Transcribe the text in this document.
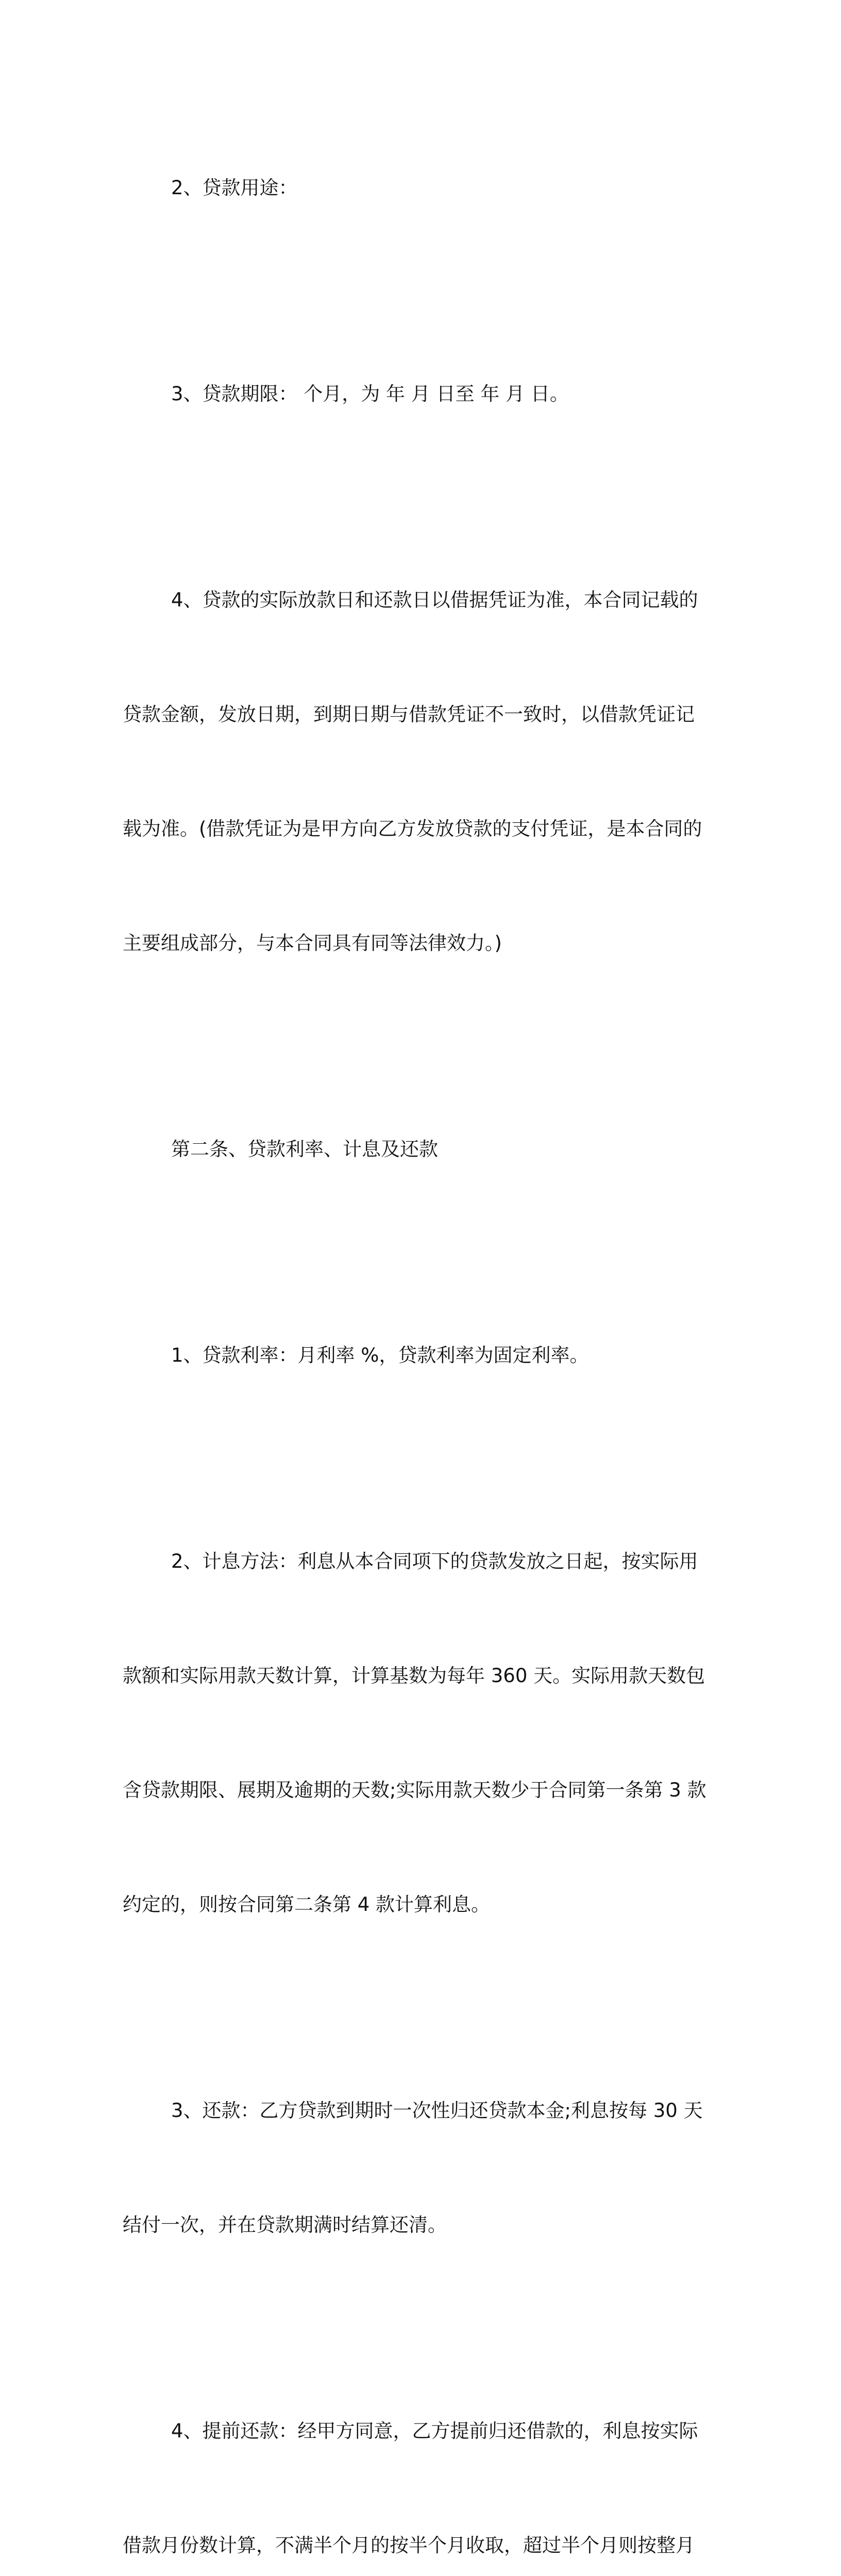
2、贷款用途：

3、贷款期限： 个月，为 年 月 日至 年 月 日。

4、贷款的实际放款日和还款日以借据凭证为准，本合同记载的

贷款金额，发放日期，到期日期与借款凭证不一致时，以借款凭证记

载为准。(借款凭证为是甲方向乙方发放贷款的支付凭证，是本合同的

主要组成部分，与本合同具有同等法律效力。)

第二条、贷款利率、计息及还款

1、贷款利率：月利率 %，贷款利率为固定利率。

2、计息方法：利息从本合同项下的贷款发放之日起，按实际用

款额和实际用款天数计算，计算基数为每年 360 天。实际用款天数包

含贷款期限、展期及逾期的天数;实际用款天数少于合同第一条第 3 款

约定的，则按合同第二条第 4 款计算利息。

3、还款：乙方贷款到期时一次性归还贷款本金;利息按每 30 天

结付一次，并在贷款期满时结算还清。

4、提前还款：经甲方同意，乙方提前归还借款的，利息按实际

借款月份数计算，不满半个月的按半个月收取，超过半个月则按整月
